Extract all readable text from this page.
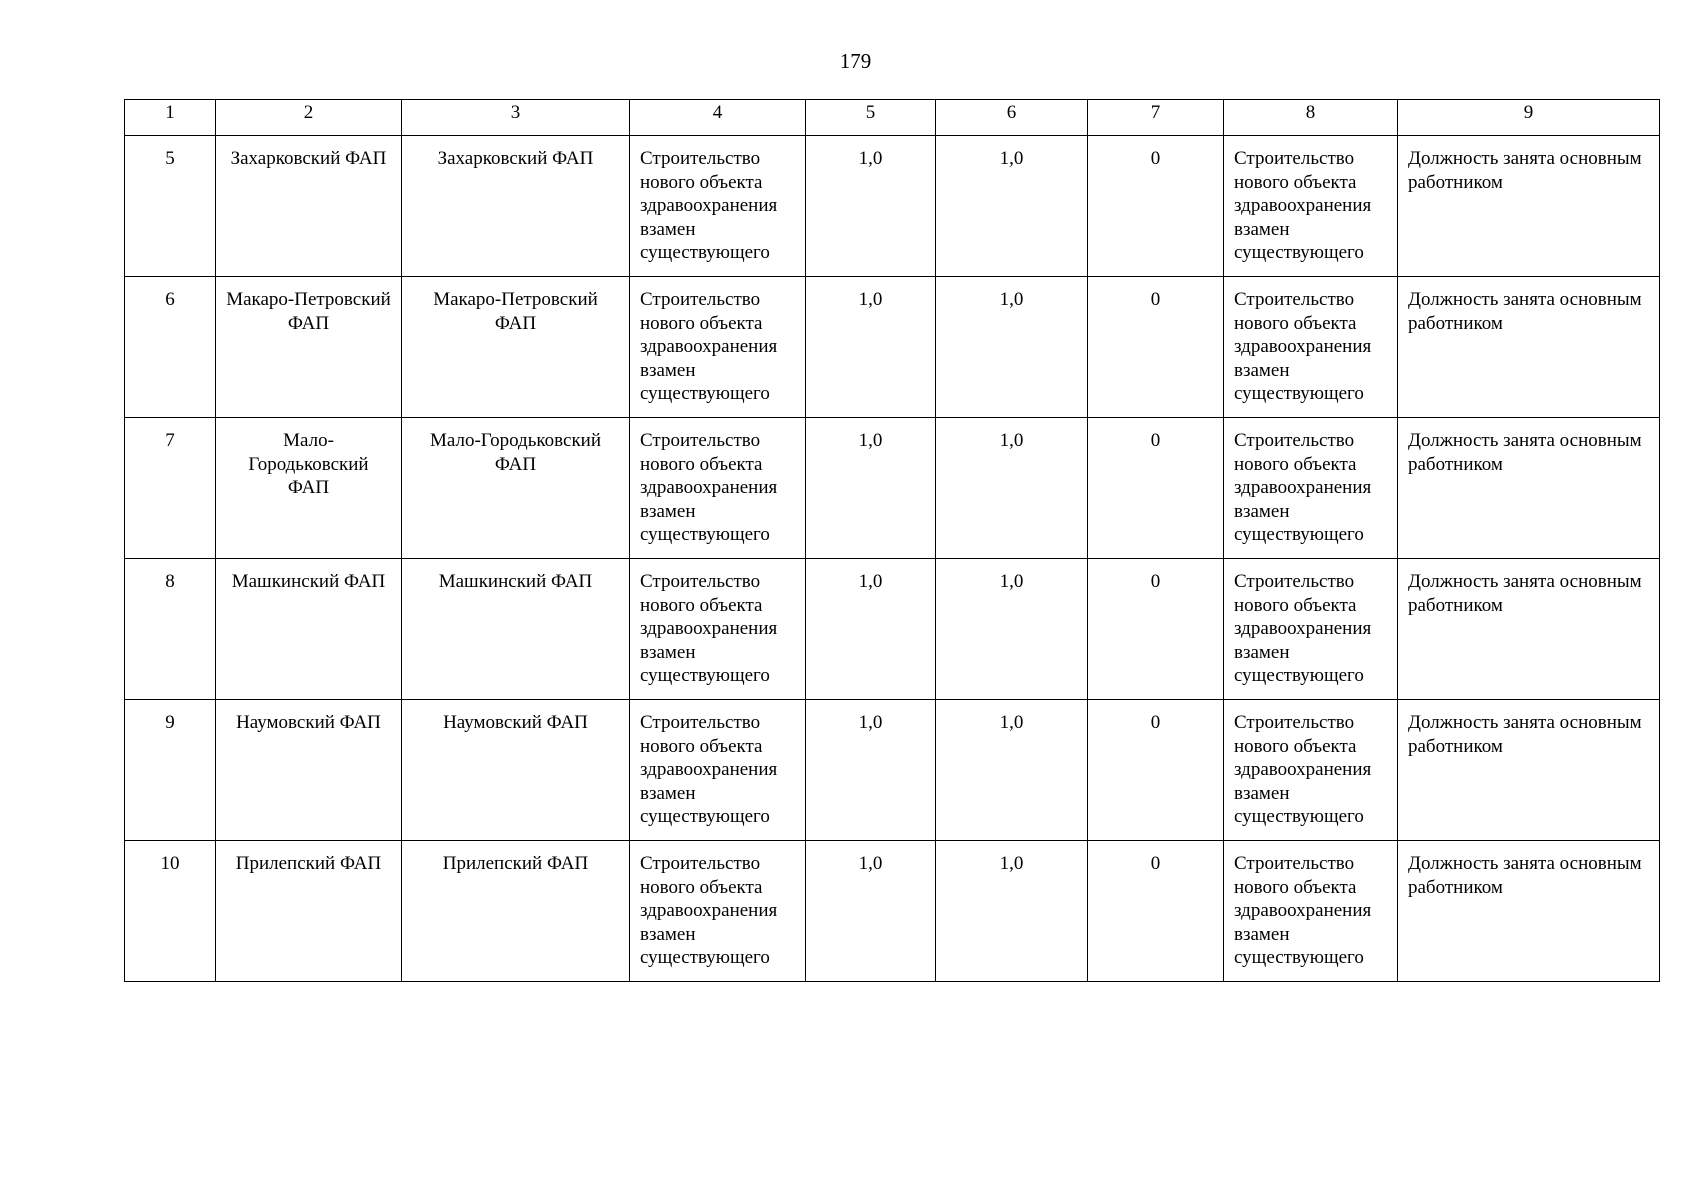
179
1	2	3	4	5	6	7	8	9
5	Захарковский ФАП	Захарковский ФАП	Строительство нового объекта здравоохранения взамен существующего	1,0	1,0	0	Строительство нового объекта здравоохранения взамен существующего	Должность занята основным работником
6	Макаро-Петровский ФАП	Макаро-Петровский ФАП	Строительство нового объекта здравоохранения взамен существующего	1,0	1,0	0	Строительство нового объекта здравоохранения взамен существующего	Должность занята основным работником
7	Мало-Городьковский ФАП	Мало-Городьковский ФАП	Строительство нового объекта здравоохранения взамен существующего	1,0	1,0	0	Строительство нового объекта здравоохранения взамен существующего	Должность занята основным работником
8	Машкинский ФАП	Машкинский ФАП	Строительство нового объекта здравоохранения взамен существующего	1,0	1,0	0	Строительство нового объекта здравоохранения взамен существующего	Должность занята основным работником
9	Наумовский ФАП	Наумовский ФАП	Строительство нового объекта здравоохранения взамен существующего	1,0	1,0	0	Строительство нового объекта здравоохранения взамен существующего	Должность занята основным работником
10	Прилепский ФАП	Прилепский ФАП	Строительство нового объекта здравоохранения взамен существующего	1,0	1,0	0	Строительство нового объекта здравоохранения взамен существующего	Должность занята основным работником
